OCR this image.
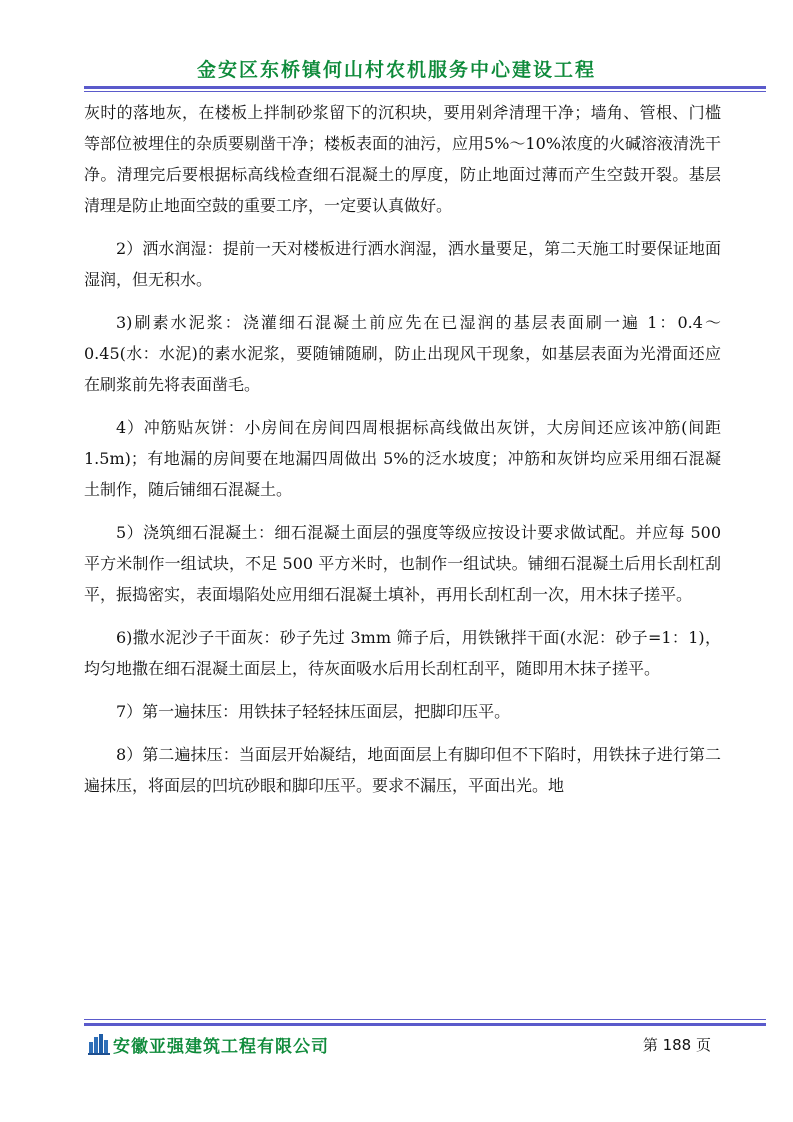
金安区东桥镇何山村农机服务中心建设工程

灰时的落地灰，在楼板上拌制砂浆留下的沉积块，要用剁斧清理干净；墙角、管根、门槛等部位被埋住的杂质要剔凿干净；楼板表面的油污，应用5%～10%浓度的火碱溶液清洗干净。清理完后要根据标高线检查细石混凝土的厚度，防止地面过薄而产生空鼓开裂。基层清理是防止地面空鼓的重要工序，一定要认真做好。

2）洒水润湿：提前一天对楼板进行洒水润湿，洒水量要足，第二天施工时要保证地面湿润，但无积水。

3)刷素水泥浆：浇灌细石混凝土前应先在已湿润的基层表面刷一遍 1：0.4～0.45(水：水泥)的素水泥浆，要随铺随刷，防止出现风干现象，如基层表面为光滑面还应在刷浆前先将表面凿毛。

4）冲筋贴灰饼：小房间在房间四周根据标高线做出灰饼，大房间还应该冲筋(间距 1.5m)；有地漏的房间要在地漏四周做出 5%的泛水坡度；冲筋和灰饼均应采用细石混凝土制作，随后铺细石混凝土。

5）浇筑细石混凝土：细石混凝土面层的强度等级应按设计要求做试配。并应每 500 平方米制作一组试块，不足 500 平方米时，也制作一组试块。铺细石混凝土后用长刮杠刮平，振捣密实，表面塌陷处应用细石混凝土填补，再用长刮杠刮一次，用木抹子搓平。

6)撒水泥沙子干面灰：砂子先过 3mm 筛子后，用铁锹拌干面(水泥：砂子=1：1)，均匀地撒在细石混凝土面层上，待灰面吸水后用长刮杠刮平，随即用木抹子搓平。

7）第一遍抹压：用铁抹子轻轻抹压面层，把脚印压平。

8）第二遍抹压：当面层开始凝结，地面面层上有脚印但不下陷时，用铁抹子进行第二遍抹压，将面层的凹坑砂眼和脚印压平。要求不漏压，平面出光。地

安徽亚强建筑工程有限公司	第 188 页
